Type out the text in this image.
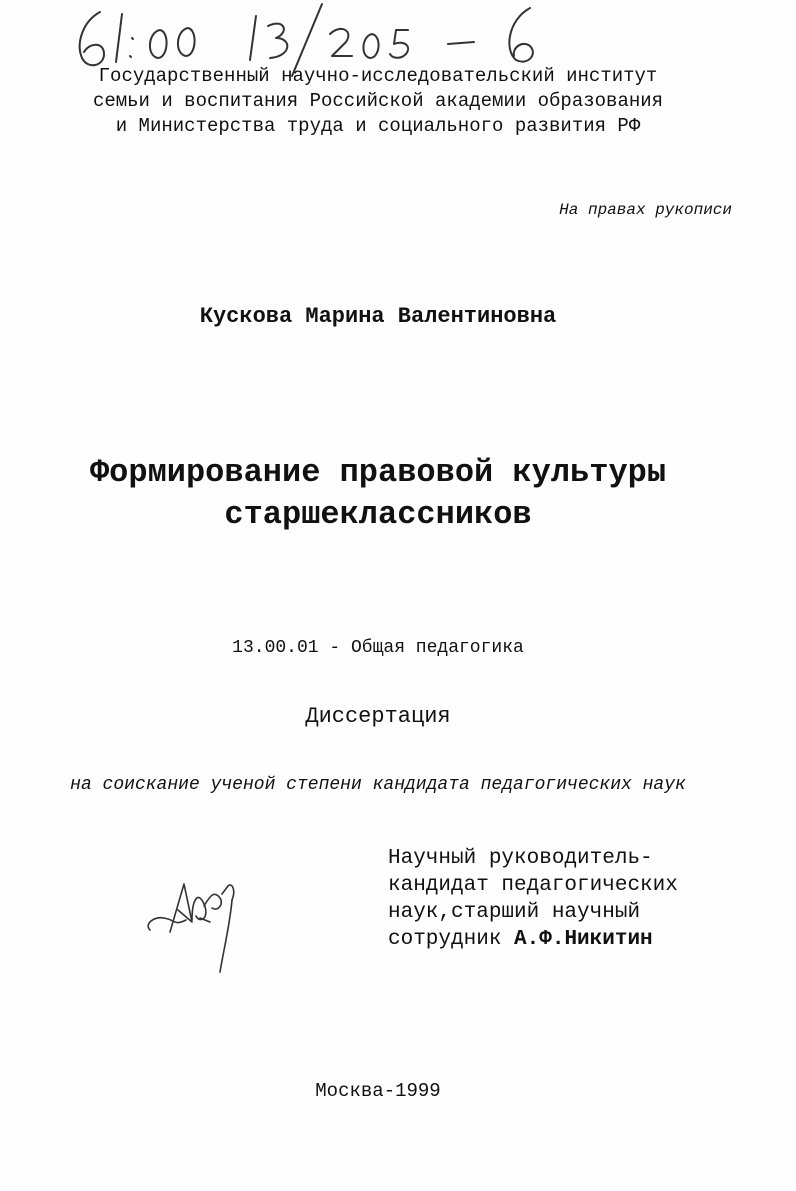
Государственный научно-исследовательский институт
семьи и воспитания Российской академии образования
и Министерства труда и социального развития РФ
На правах рукописи
Кускова Марина Валентиновна
Формирование правовой культуры
старшеклассников
13.00.01 - Общая педагогика
Диссертация
на соискание ученой степени кандидата педагогических наук
Научный руководитель-
кандидат педагогических
наук,старший научный
сотрудник А.Ф.Никитин
Москва-1999
